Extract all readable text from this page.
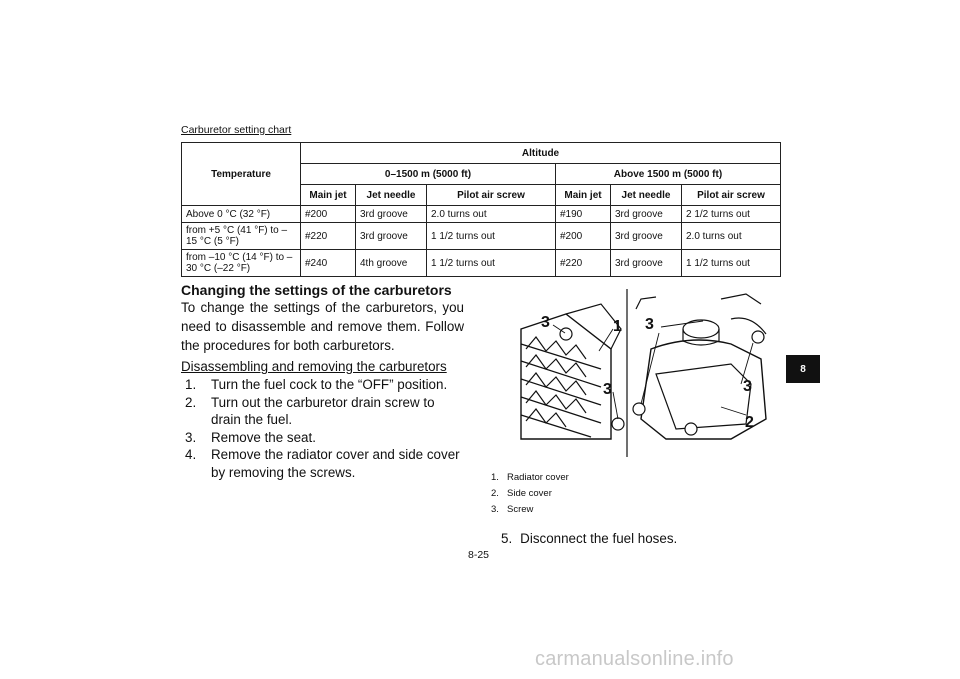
Carburetor setting chart
Temperature	Altitude					
	0–1500 m (5000 ft)			Above 1500 m (5000 ft)		
	Main jet	Jet needle	Pilot air screw	Main jet	Jet needle	Pilot air screw
Above 0 °C (32 °F)	#200	3rd groove	2.0 turns out	#190	3rd groove	2 1/2 turns out
from +5 °C (41 °F) to –15 °C (5 °F)	#220	3rd groove	1 1/2 turns out	#200	3rd groove	2.0 turns out
from –10 °C (14 °F) to –30 °C (–22 °F)	#240	4th groove	1 1/2 turns out	#220	3rd groove	1 1/2 turns out
Changing the settings of the carburetors

To change the settings of the carburetors, you need to disassemble and remove them. Follow the procedures for both carburetors.

Disassembling and removing the carburetors

1. Turn the fuel cock to the “OFF” position.
2. Turn out the carburetor drain screw to drain the fuel.
3. Remove the seat.
4. Remove the radiator cover and side cover by removing the screws.
3	1
3
3
3
2
1. Radiator cover
2. Side cover
3. Screw

5. Disconnect the fuel hoses.

8-25
8
carmanualsonline.info
